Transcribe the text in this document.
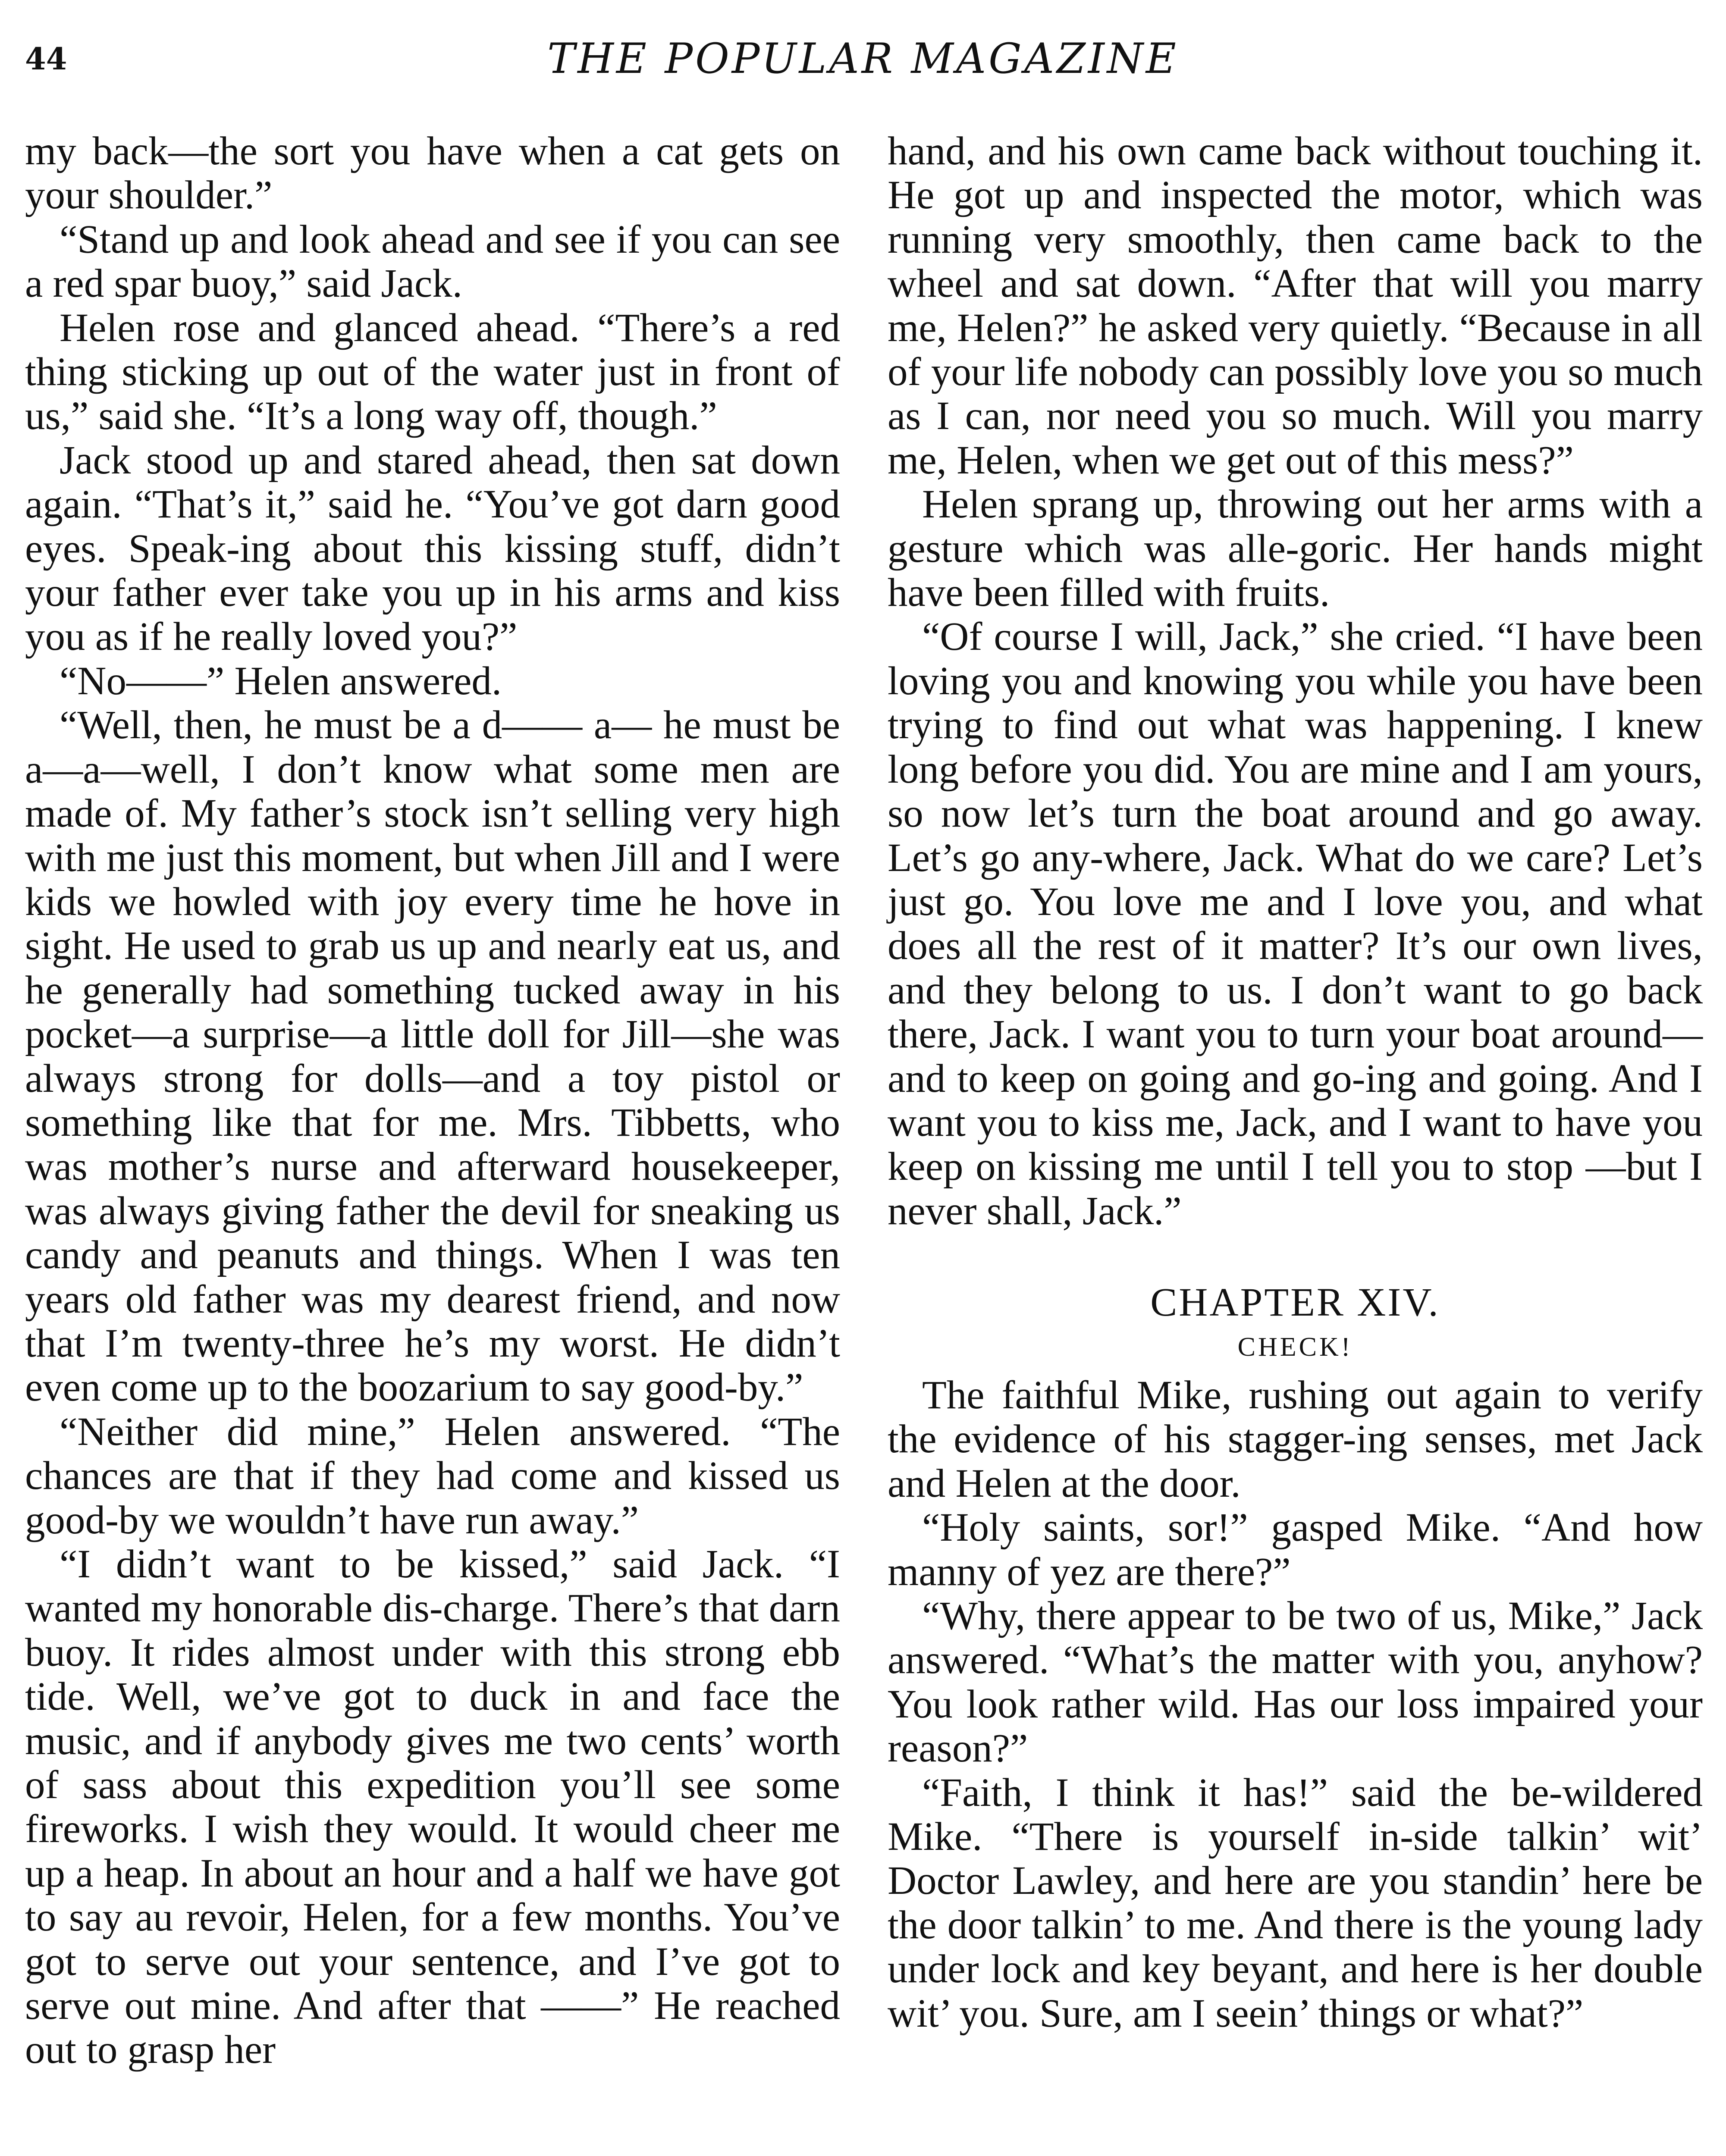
44	THE POPULAR MAGAZINE

my back—the sort you have when a cat gets on your shoulder.”

“Stand up and look ahead and see if you can see a red spar buoy,” said Jack.

Helen rose and glanced ahead. “There’s a red thing sticking up out of the water just in front of us,” said she. “It’s a long way off, though.”

Jack stood up and stared ahead, then sat down again. “That’s it,” said he. “You’ve got darn good eyes. Speak-ing about this kissing stuff, didn’t your father ever take you up in his arms and kiss you as if he really loved you?”

“No——” Helen answered.

“Well, then, he must be a d—— a— he must be a—a—well, I don’t know what some men are made of. My father’s stock isn’t selling very high with me just this moment, but when Jill and I were kids we howled with joy every time he hove in sight. He used to grab us up and nearly eat us, and he generally had something tucked away in his pocket—a surprise—a little doll for Jill—she was always strong for dolls—and a toy pistol or something like that for me. Mrs. Tibbetts, who was mother’s nurse and afterward housekeeper, was always giving father the devil for sneaking us candy and peanuts and things. When I was ten years old father was my dearest friend, and now that I’m twenty-three he’s my worst. He didn’t even come up to the boozarium to say good-by.”

“Neither did mine,” Helen answered. “The chances are that if they had come and kissed us good-by we wouldn’t have run away.”

“I didn’t want to be kissed,” said Jack. “I wanted my honorable dis-charge. There’s that darn buoy. It rides almost under with this strong ebb tide. Well, we’ve got to duck in and face the music, and if anybody gives me two cents’ worth of sass about this expedition you’ll see some fireworks. I wish they would. It would cheer me up a heap. In about an hour and a half we have got to say au revoir, Helen, for a few months. You’ve got to serve out your sentence, and I’ve got to serve out mine. And after that ——” He reached out to grasp her

hand, and his own came back without touching it. He got up and inspected the motor, which was running very smoothly, then came back to the wheel and sat down. “After that will you marry me, Helen?” he asked very quietly. “Because in all of your life nobody can possibly love you so much as I can, nor need you so much. Will you marry me, Helen, when we get out of this mess?”

Helen sprang up, throwing out her arms with a gesture which was alle-goric. Her hands might have been filled with fruits.

“Of course I will, Jack,” she cried. “I have been loving you and knowing you while you have been trying to find out what was happening. I knew long before you did. You are mine and I am yours, so now let’s turn the boat around and go away. Let’s go any-where, Jack. What do we care? Let’s just go. You love me and I love you, and what does all the rest of it matter? It’s our own lives, and they belong to us. I don’t want to go back there, Jack. I want you to turn your boat around—and to keep on going and go-ing and going. And I want you to kiss me, Jack, and I want to have you keep on kissing me until I tell you to stop —but I never shall, Jack.”

CHAPTER XIV.
CHECK!

The faithful Mike, rushing out again to verify the evidence of his stagger-ing senses, met Jack and Helen at the door.

“Holy saints, sor!” gasped Mike. “And how manny of yez are there?”

“Why, there appear to be two of us, Mike,” Jack answered. “What’s the matter with you, anyhow? You look rather wild. Has our loss impaired your reason?”

“Faith, I think it has!” said the be-wildered Mike. “There is yourself in-side talkin’ wit’ Doctor Lawley, and here are you standin’ here be the door talkin’ to me. And there is the young lady under lock and key beyant, and here is her double wit’ you. Sure, am I seein’ things or what?”
